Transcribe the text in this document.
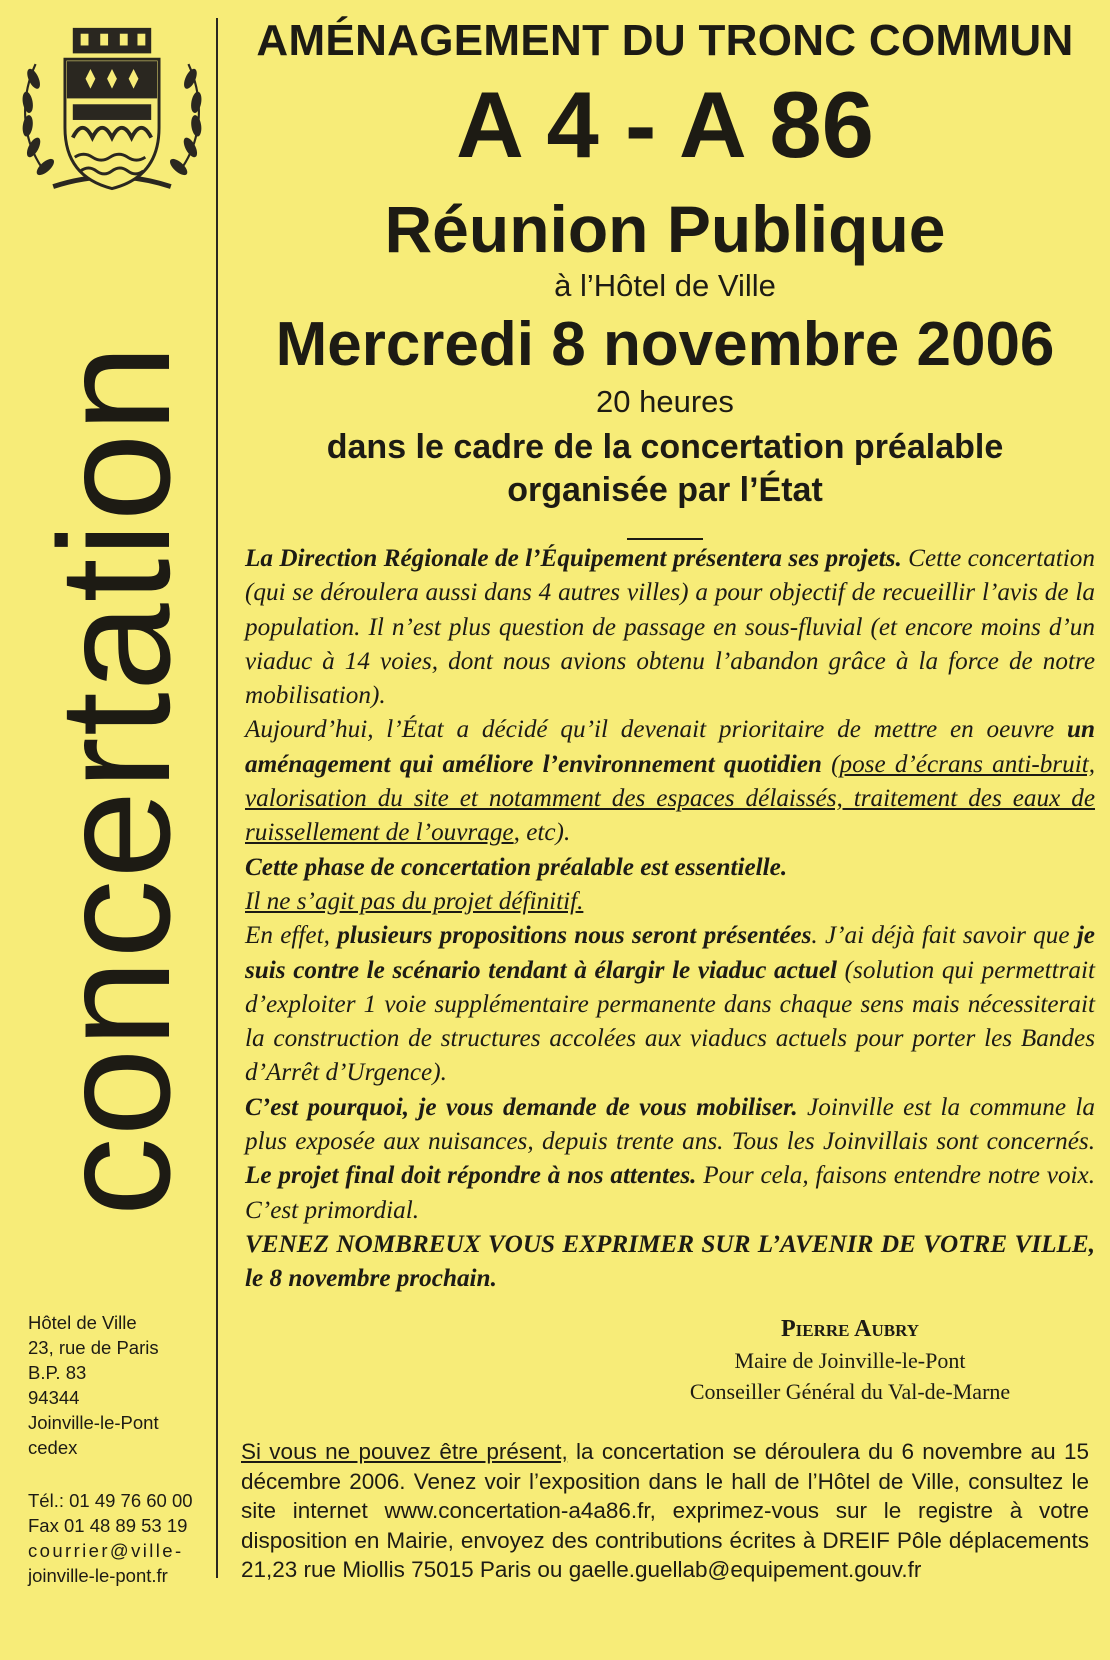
concertation
Hôtel de Ville
23, rue de Paris
B.P. 83
94344
Joinville-le-Pont
cedex
Tél.: 01 49 76 60 00
Fax 01 48 89 53 19
courrier@ville-
joinville-le-pont.fr
AMÉNAGEMENT DU TRONC COMMUN
A 4 - A 86
Réunion Publique
à l’Hôtel de Ville
Mercredi 8 novembre 2006
20 heures
dans le cadre de la concertation préalable
organisée par l’État

La Direction Régionale de l’Équipement présentera ses projets. Cette concertation (qui se déroulera aussi dans 4 autres villes) a pour objectif de recueillir l’avis de la population. Il n’est plus question de passage en sous-fluvial (et encore moins d’un viaduc à 14 voies, dont nous avions obtenu l’abandon grâce à la force de notre mobilisation).

Aujourd’hui, l’État a décidé qu’il devenait prioritaire de mettre en oeuvre un aménagement qui améliore l’environnement quotidien (pose d’écrans anti-bruit, valorisation du site et notamment des espaces délaissés, traitement des eaux de ruissellement de l’ouvrage, etc).

Cette phase de concertation préalable est essentielle.

Il ne s’agit pas du projet définitif.

En effet, plusieurs propositions nous seront présentées. J’ai déjà fait savoir que je suis contre le scénario tendant à élargir le viaduc actuel (solution qui permettrait d’exploiter 1 voie supplémentaire permanente dans chaque sens mais nécessiterait la construction de structures accolées aux viaducs actuels pour porter les Bandes d’Arrêt d’Urgence).

C’est pourquoi, je vous demande de vous mobiliser. Joinville est la commune la plus exposée aux nuisances, depuis trente ans. Tous les Joinvillais sont concernés. Le projet final doit répondre à nos attentes. Pour cela, faisons entendre notre voix. C’est primordial.

VENEZ NOMBREUX VOUS EXPRIMER SUR L’AVENIR DE VOTRE VILLE, le 8 novembre prochain.

Pierre Aubry
Maire de Joinville-le-Pont
Conseiller Général du Val-de-Marne
Si vous ne pouvez être présent, la concertation se déroulera du 6 novembre au 15 décembre 2006. Venez voir l’exposition dans le hall de l’Hôtel de Ville, consultez le site internet www.concertation-a4a86.fr, exprimez-vous sur le registre à votre disposition en Mairie, envoyez des contributions écrites à DREIF Pôle déplacements 21,23 rue Miollis 75015 Paris ou gaelle.guellab@equipement.gouv.fr
